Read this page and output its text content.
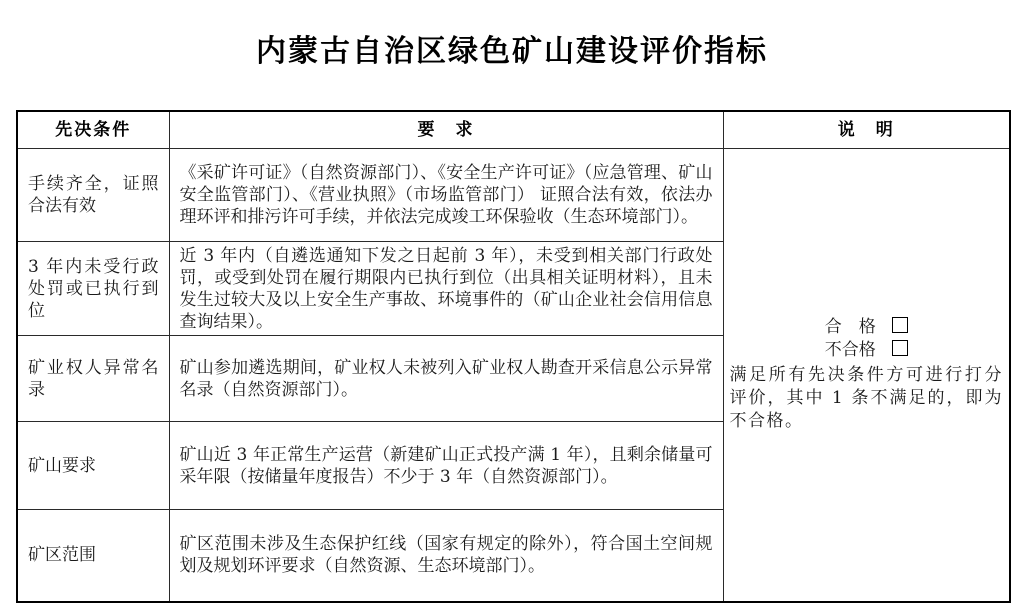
内蒙古自治区绿色矿山建设评价指标
先决条件	要　求	说　明
手续齐全，证照合法有效	《采矿许可证》（自然资源部门）、《安全生产许可证》（应急管理、矿山安全监管部门）、《营业执照》（市场监管部门） 证照合法有效，依法办理环评和排污许可手续，并依法完成竣工环保验收（生态环境部门）。	合　格
不合格

满足所有先决条件方可进行打分评价，其中 1 条不满足的，即为不合格。

3 年内未受行政处罚或已执行到位	近 3 年内（自遴选通知下发之日起前 3 年），未受到相关部门行政处罚，或受到处罚在履行期限内已执行到位（出具相关证明材料），且未发生过较大及以上安全生产事故、环境事件的（矿山企业社会信用信息查询结果）。	
矿业权人异常名录	矿山参加遴选期间，矿业权人未被列入矿业权人勘查开采信息公示异常名录（自然资源部门）。	
矿山要求	矿山近 3 年正常生产运营（新建矿山正式投产满 1 年），且剩余储量可采年限（按储量年度报告）不少于 3 年（自然资源部门）。	
矿区范围	矿区范围未涉及生态保护红线（国家有规定的除外），符合国土空间规划及规划环评要求（自然资源、生态环境部门）。	
